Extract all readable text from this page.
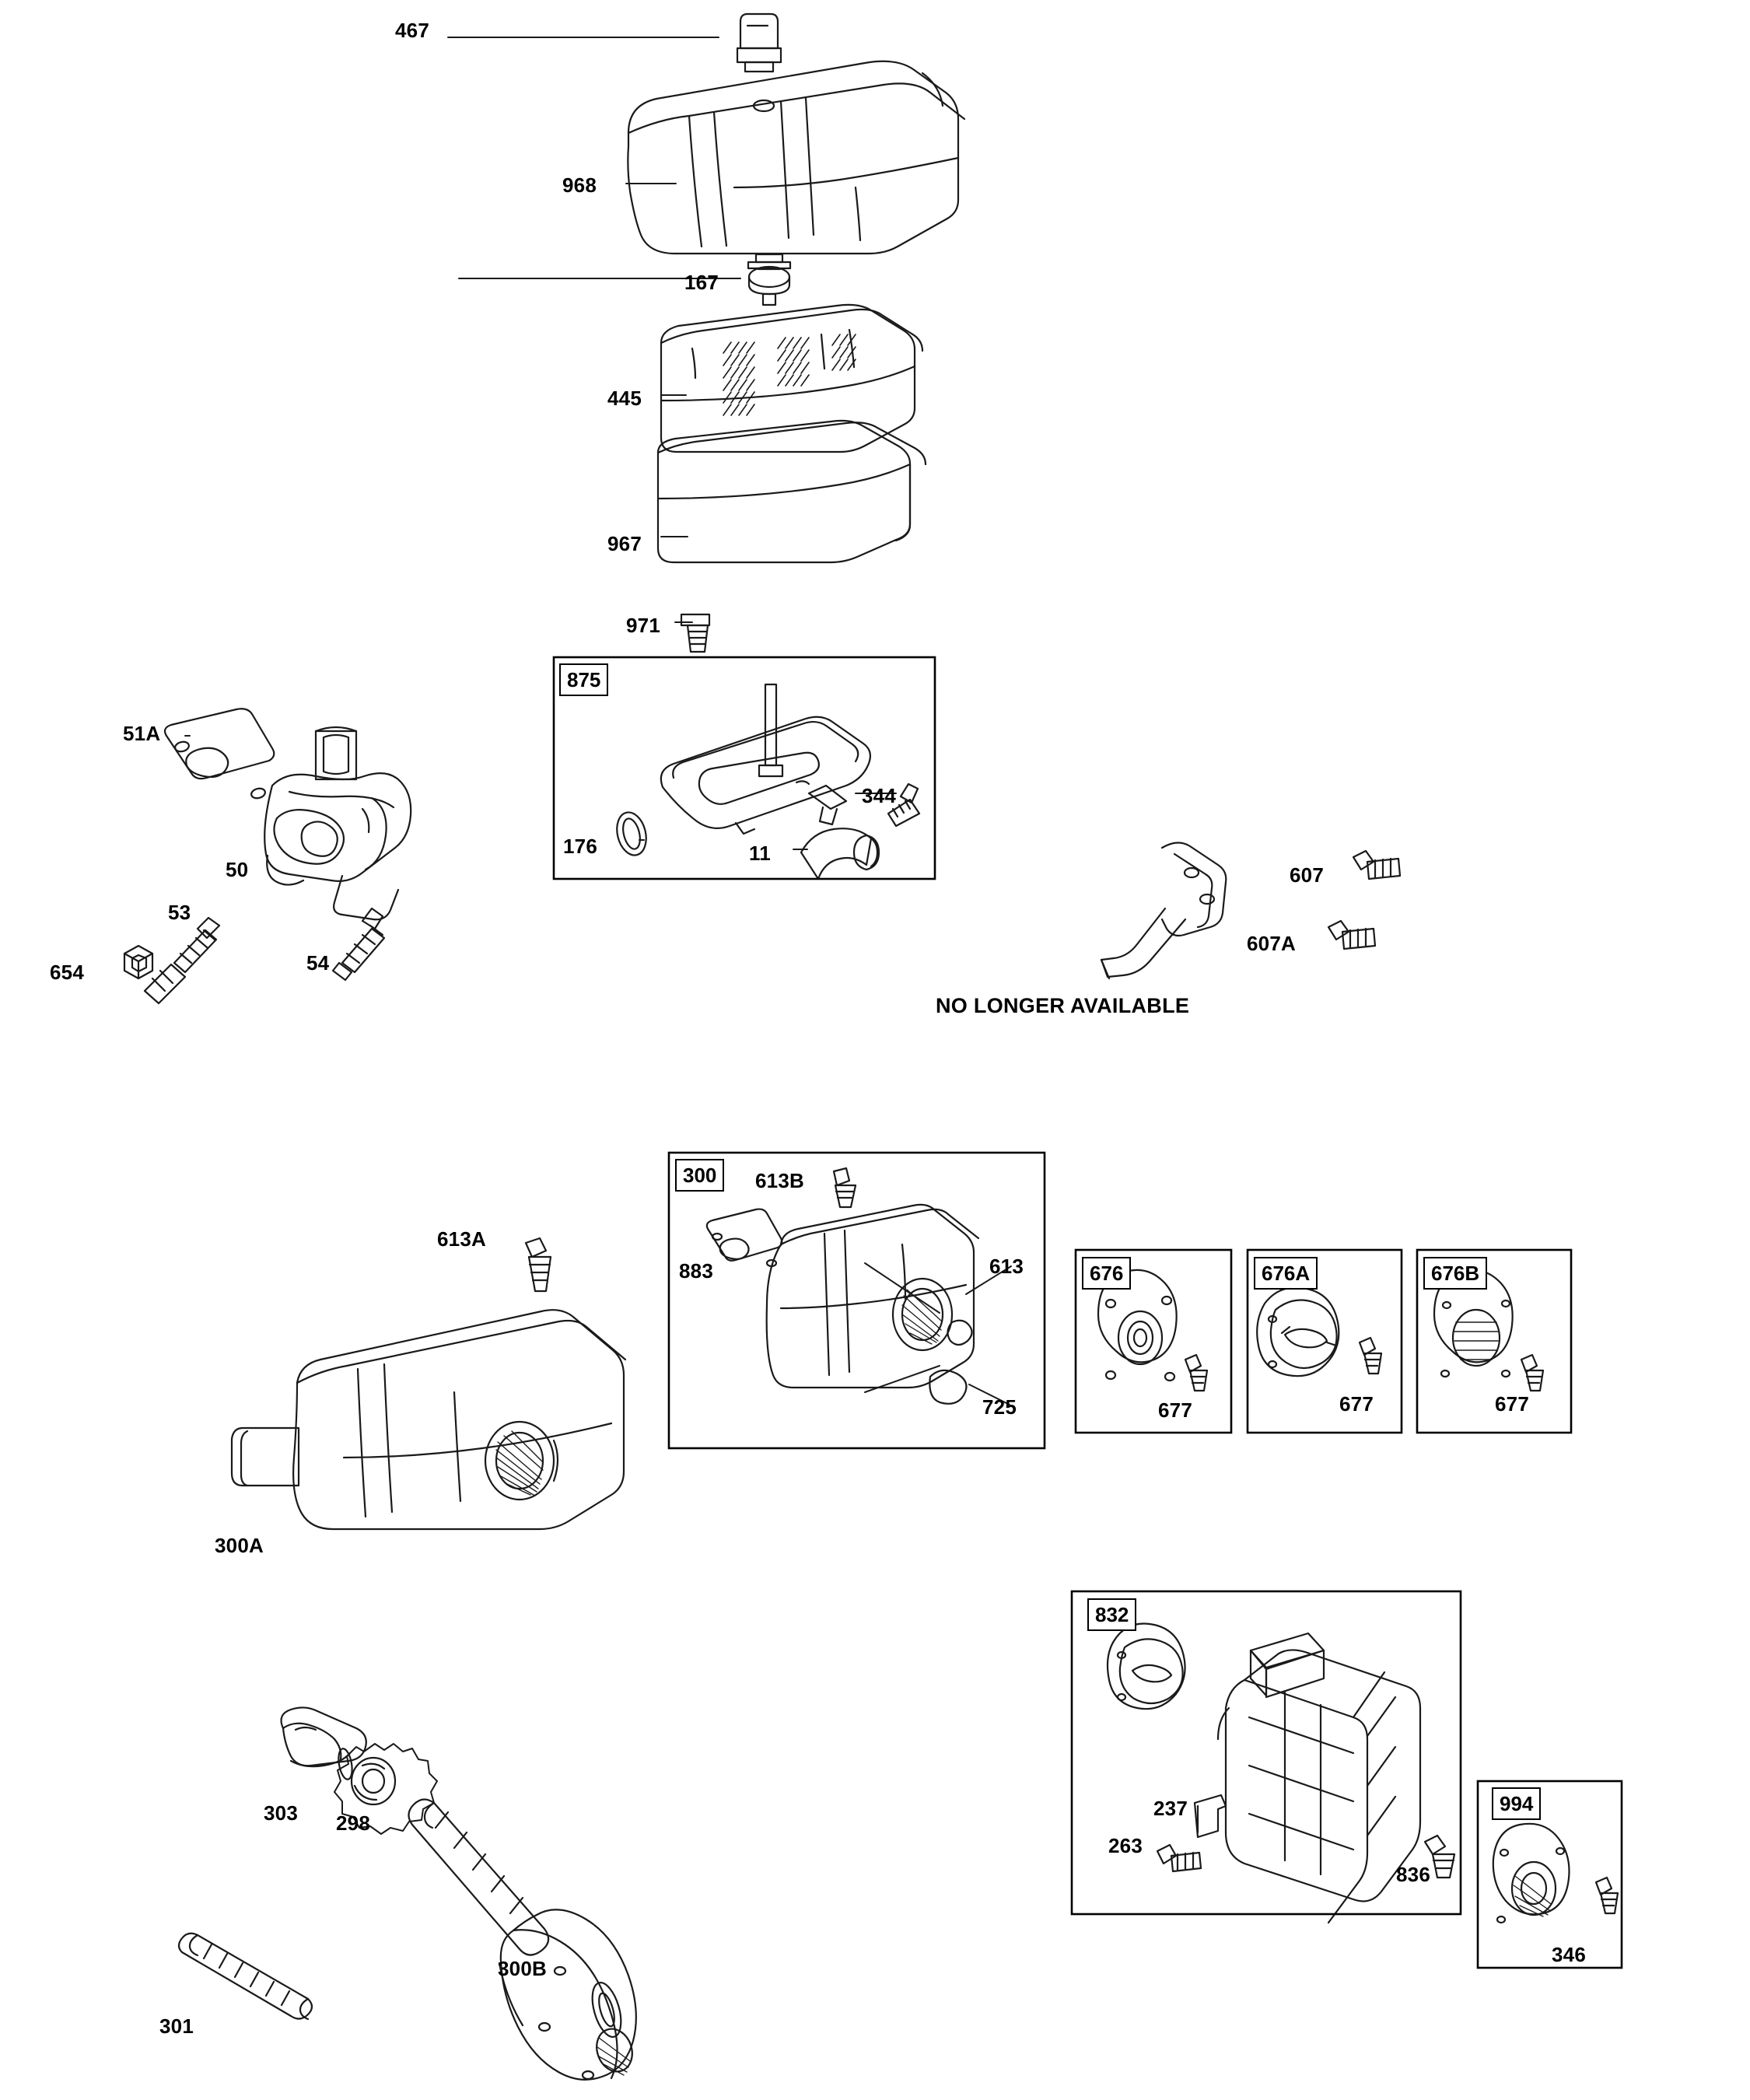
467
968
167
445
967
971
875
344
176	11
51A
50
53
54
654
607
607A
NO LONGER AVAILABLE
613A
300	613B
883	613
725
676
677
676A
677
676B
677
300A
832
237
263
836
994
346
303 298
301
300B
